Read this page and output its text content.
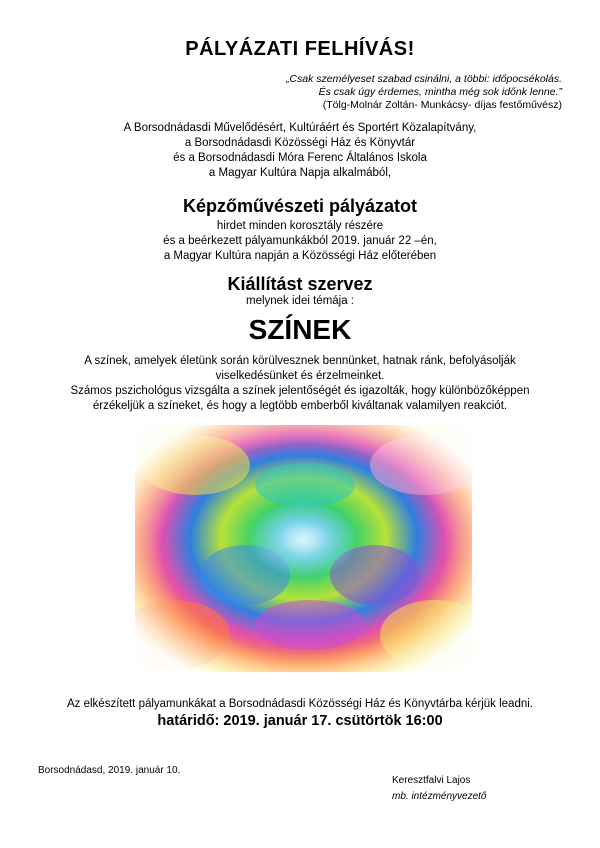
PÁLYÁZATI FELHÍVÁS!
„Csak személyeset szabad csinálni, a többi: időpocsékolás.
És csak úgy érdemes, mintha még sok időnk lenne.”
(Tölg-Molnár Zoltán- Munkácsy- díjas festőművész)
A Borsodnádasdi Művelődésért, Kultúráért és Sportért Közalapítvány,
a Borsodnádasdi Közösségi Ház és Könyvtár
és a Borsodnádasdi Móra Ferenc Általános Iskola
a Magyar Kultúra Napja alkalmából,
Képzőművészeti pályázatot
hirdet minden korosztály részére
és a beérkezett pályamunkákból 2019. január 22 –én,
a Magyar Kultúra napján a Közösségi Ház előterében
Kiállítást szervez
melynek idei témája :
SZÍNEK
A színek, amelyek életünk során körülvesznek bennünket, hatnak ránk, befolyásolják viselkedésünket és érzelmeinket.
Számos pszichológus vizsgálta a színek jelentőségét és igazolták, hogy különbözőképpen érzékeljük a színeket, és hogy a legtöbb emberből kiváltanak valamilyen reakciót.
Az elkészített pályamunkákat a Borsodnádasdi Közösségi Ház és Könyvtárba kérjük leadni.
határidő: 2019. január 17. csütörtök 16:00
Borsodnádasd, 2019. január 10.
Keresztfalvi Lajos
mb. intézményvezető
